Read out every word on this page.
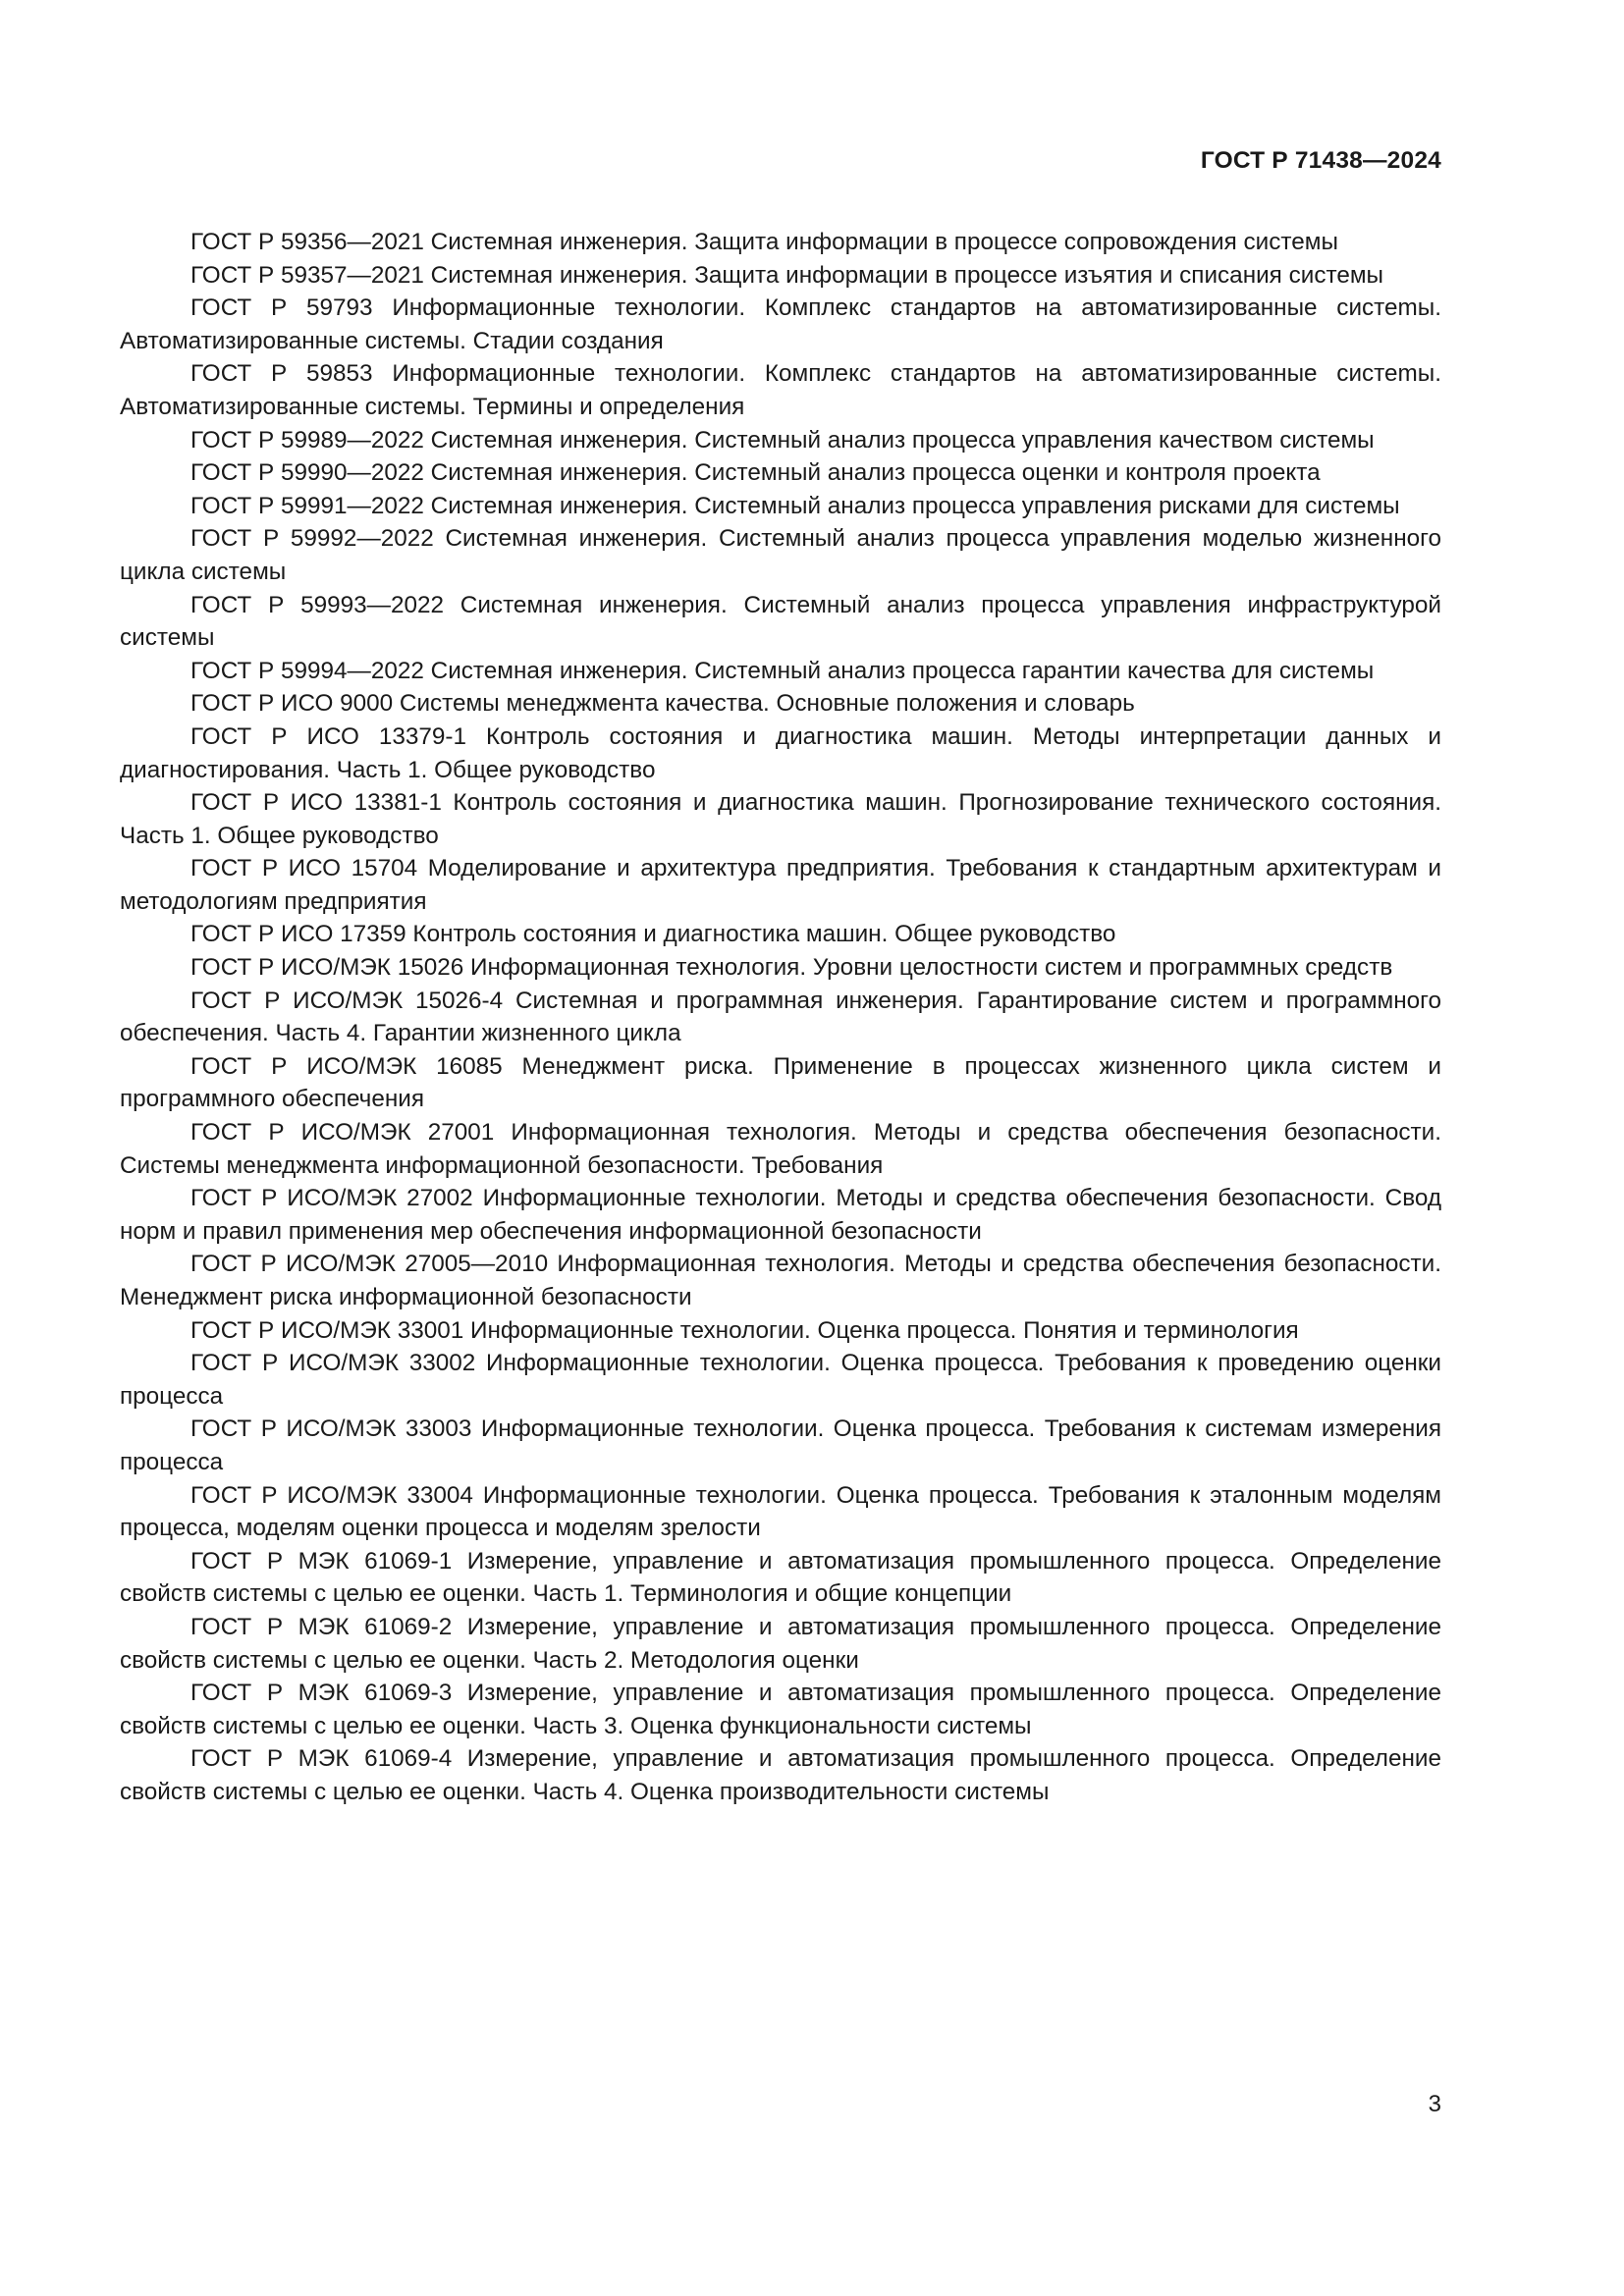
ГОСТ Р 71438—2024
ГОСТ Р 59356—2021 Системная инженерия. Защита информации в процессе сопровождения системы
ГОСТ Р 59357—2021 Системная инженерия. Защита информации в процессе изъятия и списания системы
ГОСТ Р 59793 Информационные технологии. Комплекс стандартов на автоматизированные систеmы. Автоматизированные системы. Стадии создания
ГОСТ Р 59853 Информационные технологии. Комплекс стандартов на автоматизированные систеmы. Автоматизированные системы. Термины и определения
ГОСТ Р 59989—2022 Системная инженерия. Системный анализ процесса управления качеством системы
ГОСТ Р 59990—2022 Системная инженерия. Системный анализ процесса оценки и контроля проекта
ГОСТ Р 59991—2022 Системная инженерия. Системный анализ процесса управления рисками для системы
ГОСТ Р 59992—2022 Системная инженерия. Системный анализ процесса управления моделью жизненного цикла системы
ГОСТ Р 59993—2022 Системная инженерия. Системный анализ процесса управления инфраструктурой системы
ГОСТ Р 59994—2022 Системная инженерия. Системный анализ процесса гарантии качества для системы
ГОСТ Р ИСО 9000 Системы менеджмента качества. Основные положения и словарь
ГОСТ Р ИСО 13379-1 Контроль состояния и диагностика машин. Методы интерпретации данных и диагностирования. Часть 1. Общее руководство
ГОСТ Р ИСО 13381-1 Контроль состояния и диагностика машин. Прогнозирование технического состояния. Часть 1. Общее руководство
ГОСТ Р ИСО 15704 Моделирование и архитектура предприятия. Требования к стандартным архитектурам и методологиям предприятия
ГОСТ Р ИСО 17359 Контроль состояния и диагностика машин. Общее руководство
ГОСТ Р ИСО/МЭК 15026 Информационная технология. Уровни целостности систем и программных средств
ГОСТ Р ИСО/МЭК 15026-4 Системная и программная инженерия. Гарантирование систем и программного обеспечения. Часть 4. Гарантии жизненного цикла
ГОСТ Р ИСО/МЭК 16085 Менеджмент риска. Применение в процессах жизненного цикла систем и программного обеспечения
ГОСТ Р ИСО/МЭК 27001 Информационная технология. Методы и средства обеспечения безопасности. Системы менеджмента информационной безопасности. Требования
ГОСТ Р ИСО/МЭК 27002 Информационные технологии. Методы и средства обеспечения безопасности. Свод норм и правил применения мер обеспечения информационной безопасности
ГОСТ Р ИСО/МЭК 27005—2010 Информационная технология. Методы и средства обеспечения безопасности. Менеджмент риска информационной безопасности
ГОСТ Р ИСО/МЭК 33001 Информационные технологии. Оценка процесса. Понятия и терминология
ГОСТ Р ИСО/МЭК 33002 Информационные технологии. Оценка процесса. Требования к проведению оценки процесса
ГОСТ Р ИСО/МЭК 33003 Информационные технологии. Оценка процесса. Требования к системам измерения процесса
ГОСТ Р ИСО/МЭК 33004 Информационные технологии. Оценка процесса. Требования к эталонным моделям процесса, моделям оценки процесса и моделям зрелости
ГОСТ Р МЭК 61069-1 Измерение, управление и автоматизация промышленного процесса. Определение свойств системы с целью ее оценки. Часть 1. Терминология и общие концепции
ГОСТ Р МЭК 61069-2 Измерение, управление и автоматизация промышленного процесса. Определение свойств системы с целью ее оценки. Часть 2. Методология оценки
ГОСТ Р МЭК 61069-3 Измерение, управление и автоматизация промышленного процесса. Определение свойств системы с целью ее оценки. Часть 3. Оценка функциональности системы
ГОСТ Р МЭК 61069-4 Измерение, управление и автоматизация промышленного процесса. Определение свойств системы с целью ее оценки. Часть 4. Оценка производительности системы
3
